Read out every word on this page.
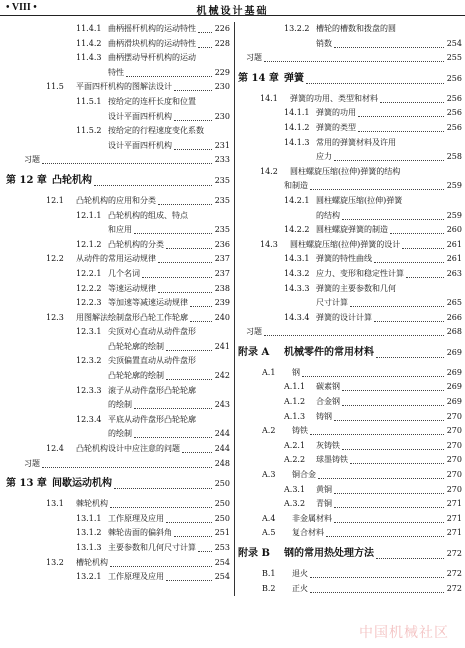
• VIII •	机械设计基础
11.4.1 曲柄摇杆机构的运动特性 226
11.4.2 曲柄滑块机构的运动特性 228
11.4.3 曲柄摆动导杆机构的运动
特性	229
11.5 平面四杆机构的图解法设计	230
11.5.1 按给定的连杆长度和位置
设计平面四杆机构	230
11.5.2 按给定的行程速度变化系数
设计平面四杆机构	231
习题	233
第 12 章 凸轮机构	235
12.1 凸轮机构的应用和分类	235
12.1.1 凸轮机构的组成、特点
和应用	235
12.1.2 凸轮机构的分类	236
12.2 从动件的常用运动规律	237
12.2.1 几个名词	237
12.2.2 等速运动规律	238
12.2.3 等加速等减速运动规律	239
12.3 用图解法绘制盘形凸轮工作轮廓	240
12.3.1 尖顶对心直动从动件盘形
凸轮轮廓的绘制	241
12.3.2 尖顶偏置直动从动件盘形
凸轮轮廓的绘制	242
12.3.3 滚子从动件盘形凸轮轮廓
的绘制	243
12.3.4 平底从动件盘形凸轮轮廓
的绘制	244
12.4 凸轮机构设计中应注意的问题	244
习题	248
第 13 章 间歇运动机构	250
13.1 棘轮机构	250
13.1.1 工作原理及应用	250
13.1.2 棘轮齿面的偏斜角	251
13.1.3 主要参数和几何尺寸计算 253
13.2 槽轮机构	254
13.2.1 工作原理及应用	254
13.2.2 槽轮的槽数和拨盘的圆
销数	254
习题	255
第 14 章 弹簧	256
14.1 弹簧的功用、类型和材料	256
14.1.1 弹簧的功用	256
14.1.2 弹簧的类型	256
14.1.3 常用的弹簧材料及许用
应力	258
14.2 圆柱螺旋压缩(拉伸)弹簧的结构
和制造	259
14.2.1 圆柱螺旋压缩(拉伸)弹簧
的结构	259
14.2.2 圆柱螺旋弹簧的制造	260
14.3 圆柱螺旋压缩(拉伸)弹簧的设计	261
14.3.1 弹簧的特性曲线	261
14.3.2 应力、变形和稳定性计算	263
14.3.3 弹簧的主要参数和几何
尺寸计算	265
14.3.4 弹簧的设计计算	266
习题	268
附录 A 机械零件的常用材料	269
A.1 钢	269
A.1.1 碳素钢	269
A.1.2 合金钢	269
A.1.3 铸钢	270
A.2 铸铁	270
A.2.1 灰铸铁	270
A.2.2 球墨铸铁	270
A.3 铜合金	270
A.3.1 黄铜	270
A.3.2 青铜	271
A.4 非金属材料	271
A.5 复合材料	271
附录 B 钢的常用热处理方法	272
B.1 退火	272
B.2 正火	272
中国机械社区
